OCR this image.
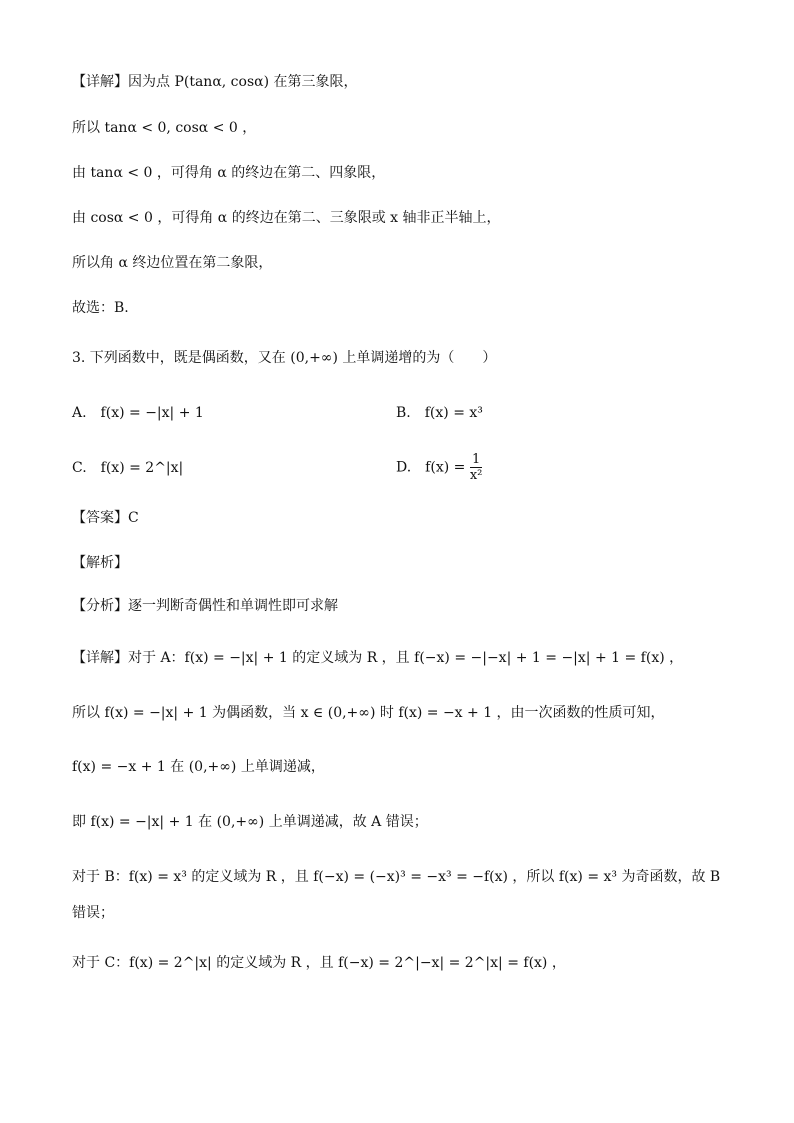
【详解】因为点 P(tanα, cosα) 在第三象限，
所以 tanα < 0, cosα < 0 ，
由 tanα < 0 ，可得角 α 的终边在第二、四象限，
由 cosα < 0 ，可得角 α 的终边在第二、三象限或 x 轴非正半轴上，
所以角 α 终边位置在第二象限，
故选：B.
3. 下列函数中，既是偶函数，又在 (0,+∞) 上单调递增的为（　　）
A.　f(x) = −|x| + 1	B.　f(x) = x³
C.　f(x) = 2^|x|	D.　$f(x) = \frac{1}{\text{x²}}$
【答案】C
【解析】
【分析】逐一判断奇偶性和单调性即可求解
【详解】对于 A：f(x) = −|x| + 1 的定义域为 R ，且 f(−x) = −|−x| + 1 = −|x| + 1 = f(x) ，
所以 f(x) = −|x| + 1 为偶函数，当 x ∈ (0,+∞) 时 f(x) = −x + 1 ，由一次函数的性质可知，
f(x) = −x + 1 在 (0,+∞) 上单调递减，
即 f(x) = −|x| + 1 在 (0,+∞) 上单调递减，故 A 错误；
对于 B：f(x) = x³ 的定义域为 R ，且 f(−x) = (−x)³ = −x³ = −f(x) ，所以 f(x) = x³ 为奇函数，故 B
错误；
对于 C：f(x) = 2^|x| 的定义域为 R ，且 f(−x) = 2^|−x| = 2^|x| = f(x) ，
